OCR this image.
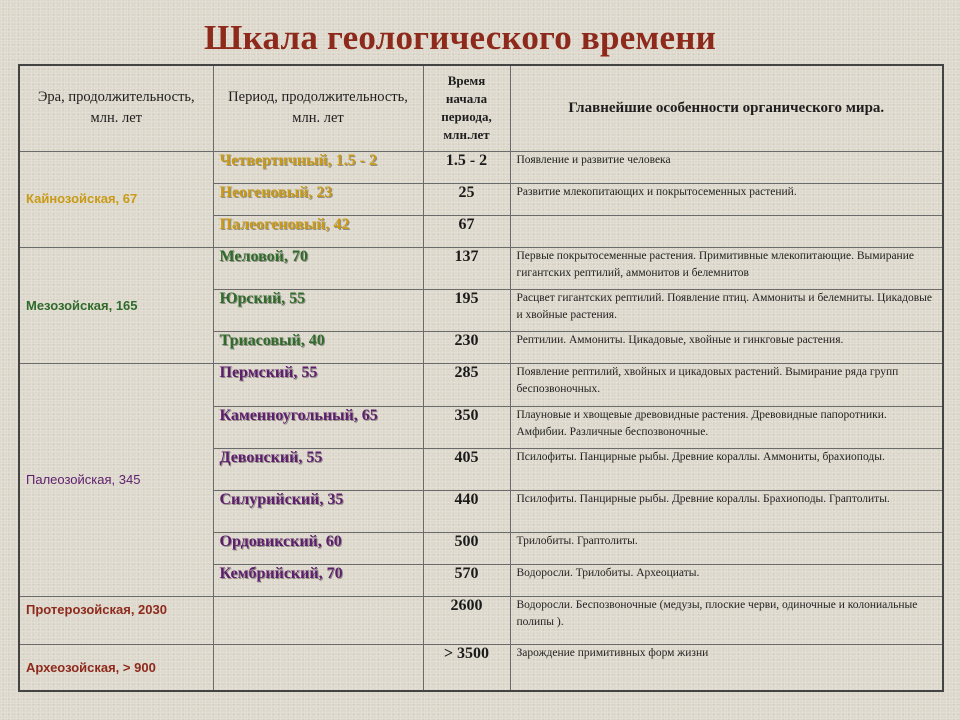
Шкала геологического времени
Эра, продолжительность, млн. лет	Период, продолжительность, млн. лет	Время начала периода, млн.лет	Главнейшие особенности органического мира.
Кайнозойская, 67	Четвертичный, 1.5 - 2	1.5 - 2	Появление и развитие человека
	Неогеновый, 23	25	Развитие млекопитающих и покрытосеменных растений.
	Палеогеновый, 42	67	
Мезозойская, 165	Меловой, 70	137	Первые покрытосеменные растения. Примитивные млекопитающие. Вымирание гигантских рептилий, аммонитов и белемнитов
	Юрский, 55	195	Расцвет гигантских рептилий. Появление птиц. Аммониты и белемниты. Цикадовые и хвойные растения.
	Триасовый, 40	230	Рептилии. Аммониты. Цикадовые, хвойные и гинкговые растения.
Палеозойская, 345	Пермский, 55	285	Появление рептилий, хвойных и цикадовых растений. Вымирание ряда групп беспозвоночных.
	Каменноугольный, 65	350	Плауновые и хвощевые древовидные растения. Древовидные папоротники. Амфибии. Различные беспозвоночные.
	Девонский, 55	405	Псилофиты. Панцирные рыбы. Древние кораллы. Аммониты, брахиоподы.
	Силурийский, 35	440	Псилофиты. Панцирные рыбы. Древние кораллы. Брахиоподы. Граптолиты.
	Ордовикский, 60	500	Трилобиты. Граптолиты.
	Кембрийский, 70	570	Водоросли. Трилобиты. Археоциаты.
Протерозойская, 2030		2600	Водоросли. Беспозвоночные (медузы, плоские черви, одиночные и колониальные полипы ).
Археозойская, > 900		> 3500	Зарождение примитивных форм жизни
